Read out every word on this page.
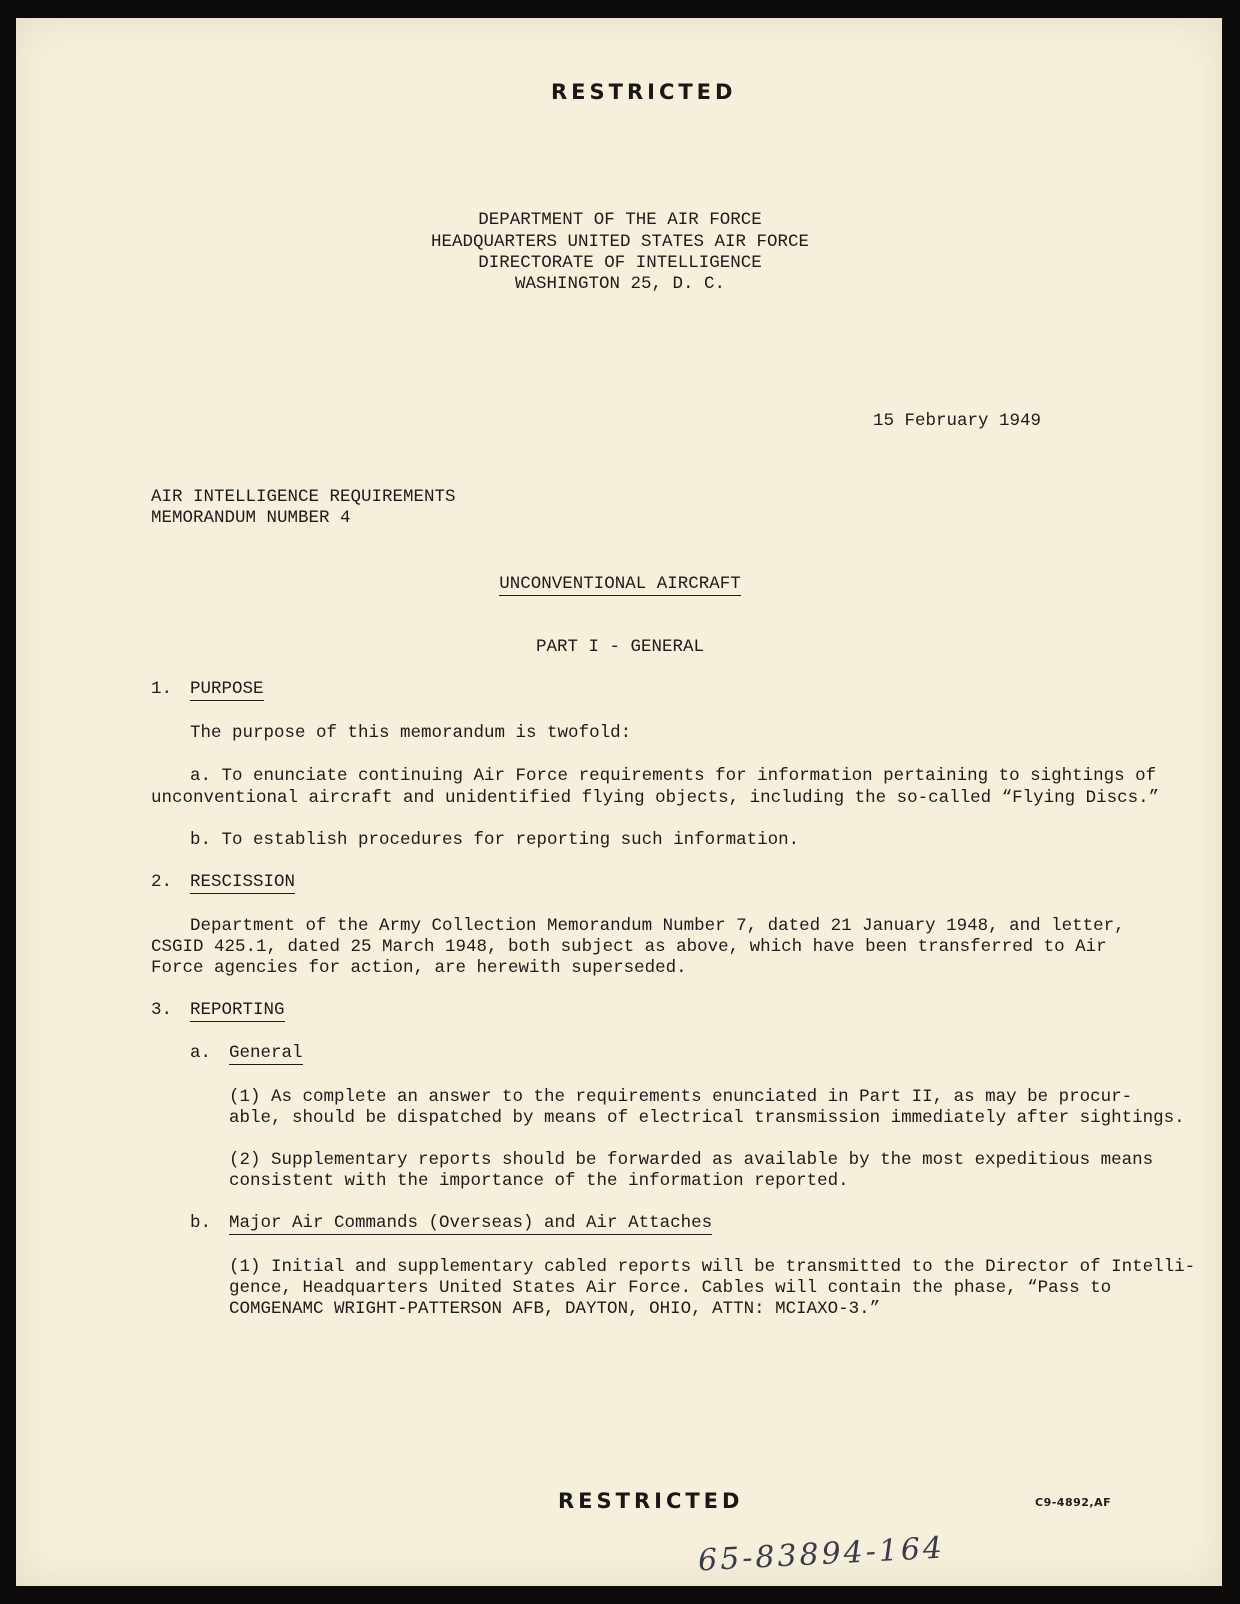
RESTRICTED
DEPARTMENT OF THE AIR FORCE
HEADQUARTERS UNITED STATES AIR FORCE
DIRECTORATE OF INTELLIGENCE
WASHINGTON 25, D. C.
15 February 1949
AIR INTELLIGENCE REQUIREMENTS
MEMORANDUM NUMBER 4
UNCONVENTIONAL AIRCRAFT
PART I - GENERAL
1. PURPOSE
The purpose of this memorandum is twofold:
a. To enunciate continuing Air Force requirements for information pertaining to sightings of
unconventional aircraft and unidentified flying objects, including the so-called “Flying Discs.”
b. To establish procedures for reporting such information.
2. RESCISSION
Department of the Army Collection Memorandum Number 7, dated 21 January 1948, and letter,
CSGID 425.1, dated 25 March 1948, both subject as above, which have been transferred to Air
Force agencies for action, are herewith superseded.
3. REPORTING
a. General
(1) As complete an answer to the requirements enunciated in Part II, as may be procur-
able, should be dispatched by means of electrical transmission immediately after sightings.
(2) Supplementary reports should be forwarded as available by the most expeditious means
consistent with the importance of the information reported.
b. Major Air Commands (Overseas) and Air Attaches
(1) Initial and supplementary cabled reports will be transmitted to the Director of Intelli-
gence, Headquarters United States Air Force. Cables will contain the phase, “Pass to
COMGENAMC WRIGHT-PATTERSON AFB, DAYTON, OHIO, ATTN: MCIAXO-3.”
RESTRICTED	C9-4892,AF
65-83894-164
